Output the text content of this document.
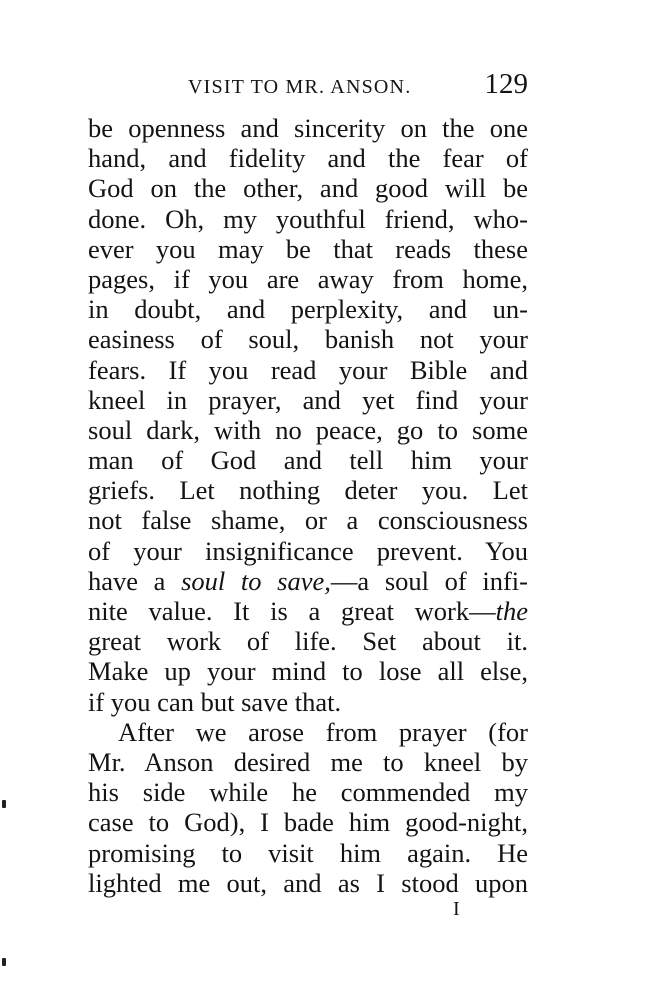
VISIT TO MR. ANSON.	129
be openness and sincerity on the one
hand, and fidelity and the fear of
God on the other, and good will be
done. Oh, my youthful friend, who-
ever you may be that reads these
pages, if you are away from home,
in doubt, and perplexity, and un-
easiness of soul, banish not your
fears. If you read your Bible and
kneel in prayer, and yet find your
soul dark, with no peace, go to some
man of God and tell him your
griefs. Let nothing deter you. Let
not false shame, or a consciousness
of your insignificance prevent. You
have a soul to save,—a soul of infi-
nite value. It is a great work—the
great work of life. Set about it.
Make up your mind to lose all else,
if you can but save that.
After we arose from prayer (for
Mr. Anson desired me to kneel by
his side while he commended my
case to God), I bade him good-night,
promising to visit him again. He
lighted me out, and as I stood upon
I
